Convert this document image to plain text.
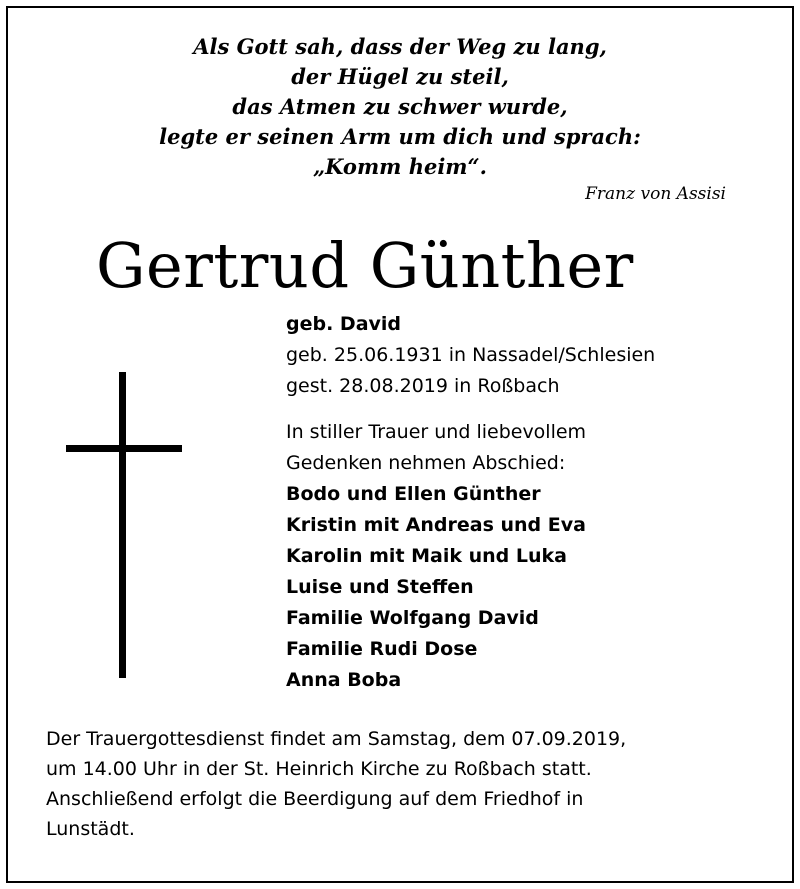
Als Gott sah, dass der Weg zu lang,
der Hügel zu steil,
das Atmen zu schwer wurde,
legte er seinen Arm um dich und sprach:
„Komm heim“.
Franz von Assisi
Gertrud Günther
geb. David
geb. 25.06.1931 in Nassadel/Schlesien
gest. 28.08.2019 in Roßbach
In stiller Trauer und liebevollem
Gedenken nehmen Abschied:
Bodo und Ellen Günther
Kristin mit Andreas und Eva
Karolin mit Maik und Luka
Luise und Steffen
Familie Wolfgang David
Familie Rudi Dose
Anna Boba
Der Trauergottesdienst findet am Samstag, dem 07.09.2019,
um 14.00 Uhr in der St. Heinrich Kirche zu Roßbach statt.
Anschließend erfolgt die Beerdigung auf dem Friedhof in
Lunstädt.
